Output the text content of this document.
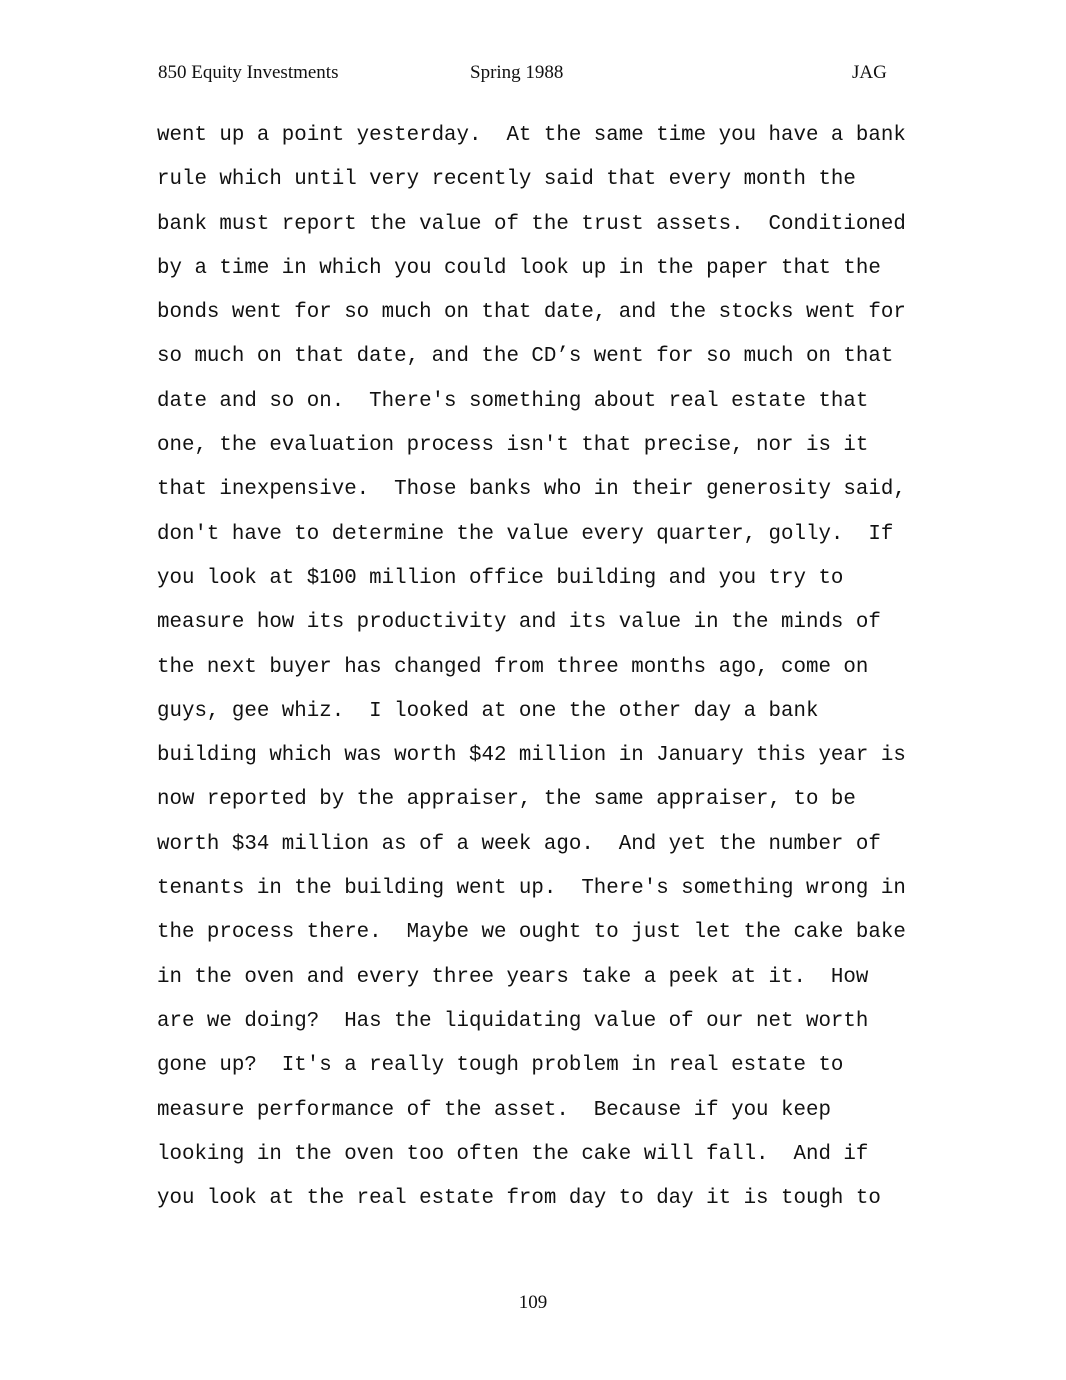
850 Equity Investments	Spring 1988	JAG
went up a point yesterday.  At the same time you have a bank
rule which until very recently said that every month the
bank must report the value of the trust assets.  Conditioned
by a time in which you could look up in the paper that the
bonds went for so much on that date, and the stocks went for
so much on that date, and the CD’s went for so much on that
date and so on.  There's something about real estate that
one, the evaluation process isn't that precise, nor is it
that inexpensive.  Those banks who in their generosity said,
don't have to determine the value every quarter, golly.  If
you look at $100 million office building and you try to
measure how its productivity and its value in the minds of
the next buyer has changed from three months ago, come on
guys, gee whiz.  I looked at one the other day a bank
building which was worth $42 million in January this year is
now reported by the appraiser, the same appraiser, to be
worth $34 million as of a week ago.  And yet the number of
tenants in the building went up.  There's something wrong in
the process there.  Maybe we ought to just let the cake bake
in the oven and every three years take a peek at it.  How
are we doing?  Has the liquidating value of our net worth
gone up?  It's a really tough problem in real estate to
measure performance of the asset.  Because if you keep
looking in the oven too often the cake will fall.  And if
you look at the real estate from day to day it is tough to
109
